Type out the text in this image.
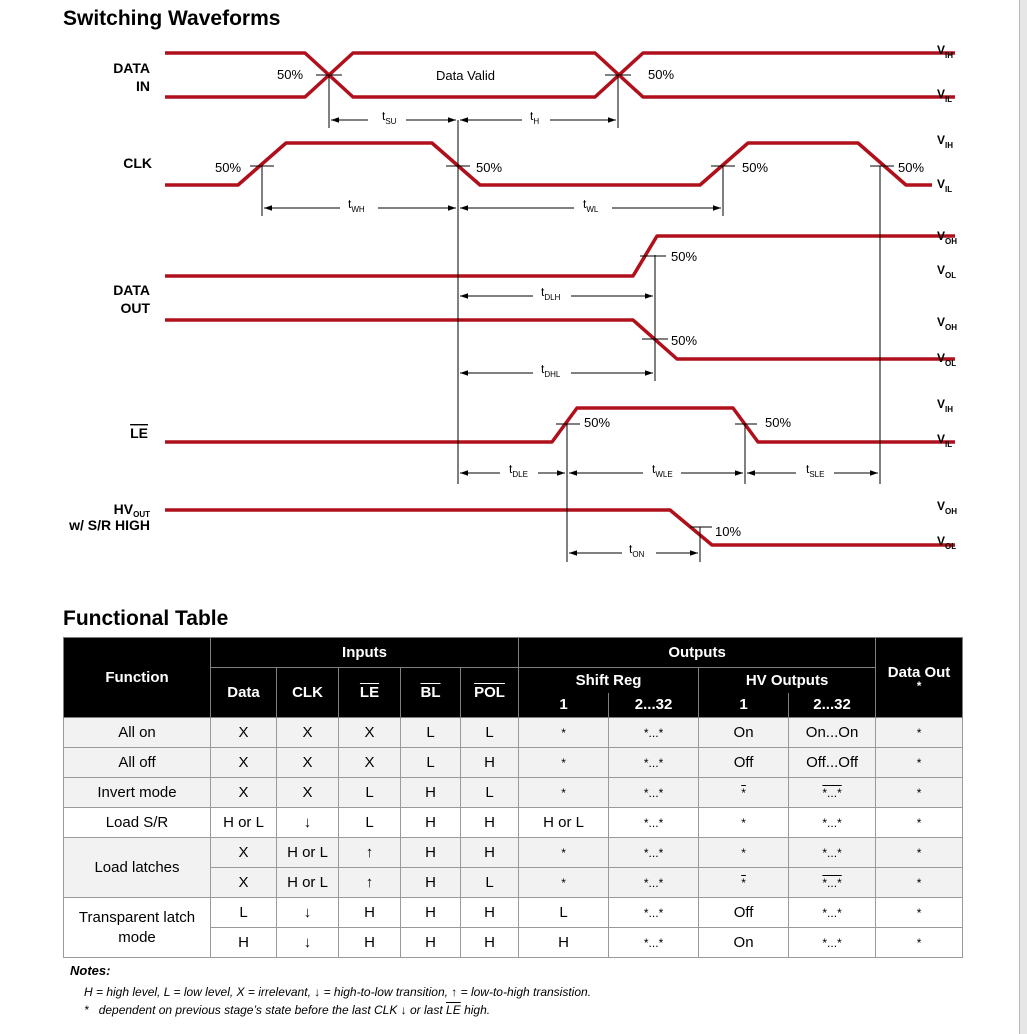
Switching Waveforms
DATA
IN
CLK
DATA
OUT
LE
$HV_{OUT}$
w/ S/R HIGH
$t_{SU}$	$t_H$
$t_{WH}$	$t_{WL}$
$t_{DLH}$
$t_{DHL}$
$t_{DLE}$	$t_{WLE}$	$t_{SLE}$
$t_{ON}$
50%	Data Valid	50%
50%	50%	50%	50%
50%
50%
50%	50%
10%
$V_{IH}$
$V_{IL}$
$V_{IH}$
$V_{IL}$
$V_{OH}$
$V_{OL}$
$V_{OH}$
$V_{OL}$
$V_{IH}$
$V_{IL}$
$V_{OH}$
$V_{OL}$
Functional Table
Function	Inputs					Outputs				Data Out
*

	Data	CLK	$\overline{LE}$	$\overline{BL}$	$\overline{POL}$	Shift Reg		HV Outputs		
						1	2...32	1	2...32	
All on	X	X	X	L	L	*	*...*	On	On...On	*
All off	X	X	X	L	H	*	*...*	Off	Off...Off	*
Invert mode	X	X	L	H	L	*	*...*	*	*...*	*
Load S/R	H or L	↓	L	H	H	H or L	*...*	*	*...*	*
Load latches	X	H or L	↑	H	H	*	*...*	*	*...*	*
	X	H or L	↑	H	L	*	*...*	*	*...*	*
Transparent latch mode	L	↓	H	H	H	L	*...*	Off	*...*	*
	H	↓	H	H	H	H	*...*	On	*...*	*
Notes:
H = high level, L = low level, X = irrelevant, ↓ = high-to-low transition, ↑ = low-to-high transistion.
* dependent on previous stage’s state before the last CLK ↓ or last $\overline{LE}$ high.
